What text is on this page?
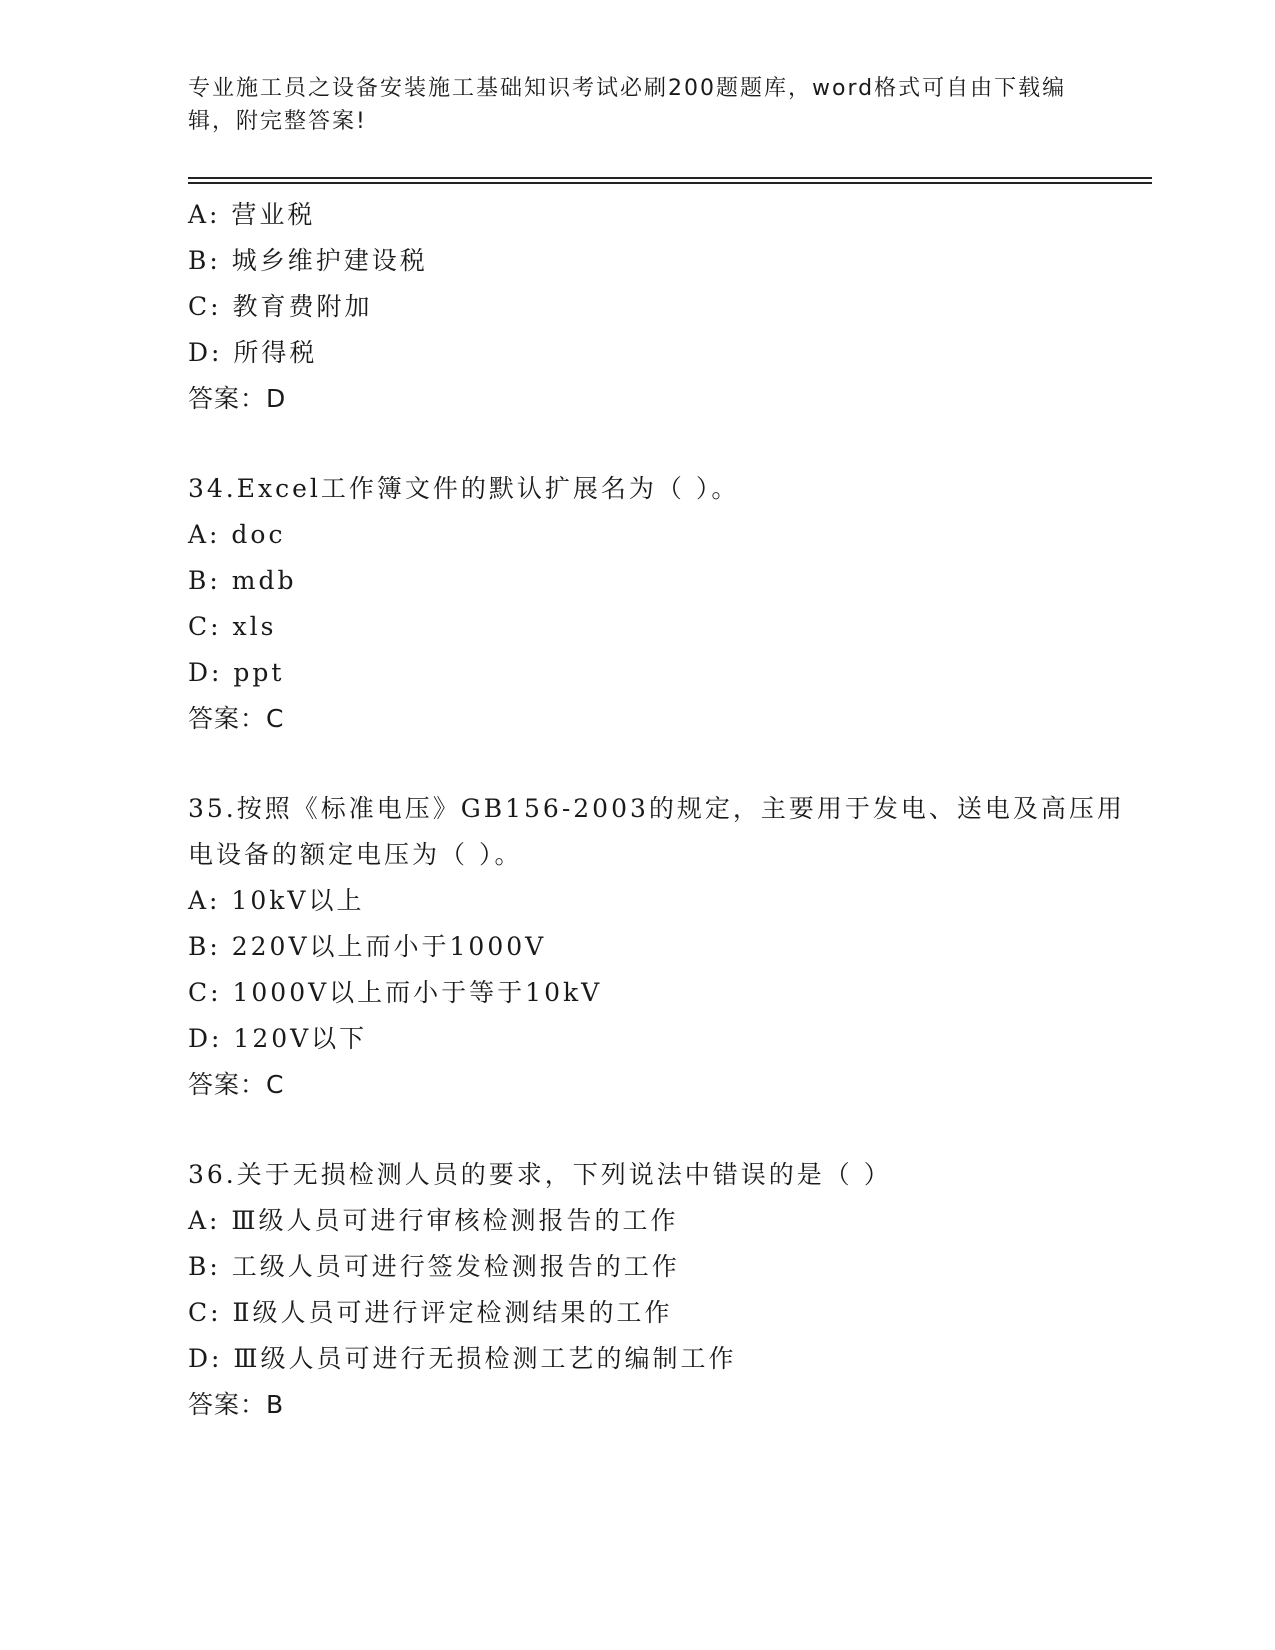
专业施工员之设备安装施工基础知识考试必刷200题题库，word格式可自由下载编辑，附完整答案!
A: 营业税
B: 城乡维护建设税
C: 教育费附加
D: 所得税
答案：D
34.Excel工作簿文件的默认扩展名为（ ）。
A: doc
B: mdb
C: xls
D: ppt
答案：C
35.按照《标准电压》GB156-2003的规定，主要用于发电、送电及高压用电设备的额定电压为（ ）。
A: 10kV以上
B: 220V以上而小于1000V
C: 1000V以上而小于等于10kV
D: 120V以下
答案：C
36.关于无损检测人员的要求，下列说法中错误的是（ ）
A: Ⅲ级人员可进行审核检测报告的工作
B: 工级人员可进行签发检测报告的工作
C: Ⅱ级人员可进行评定检测结果的工作
D: Ⅲ级人员可进行无损检测工艺的编制工作
答案：B
